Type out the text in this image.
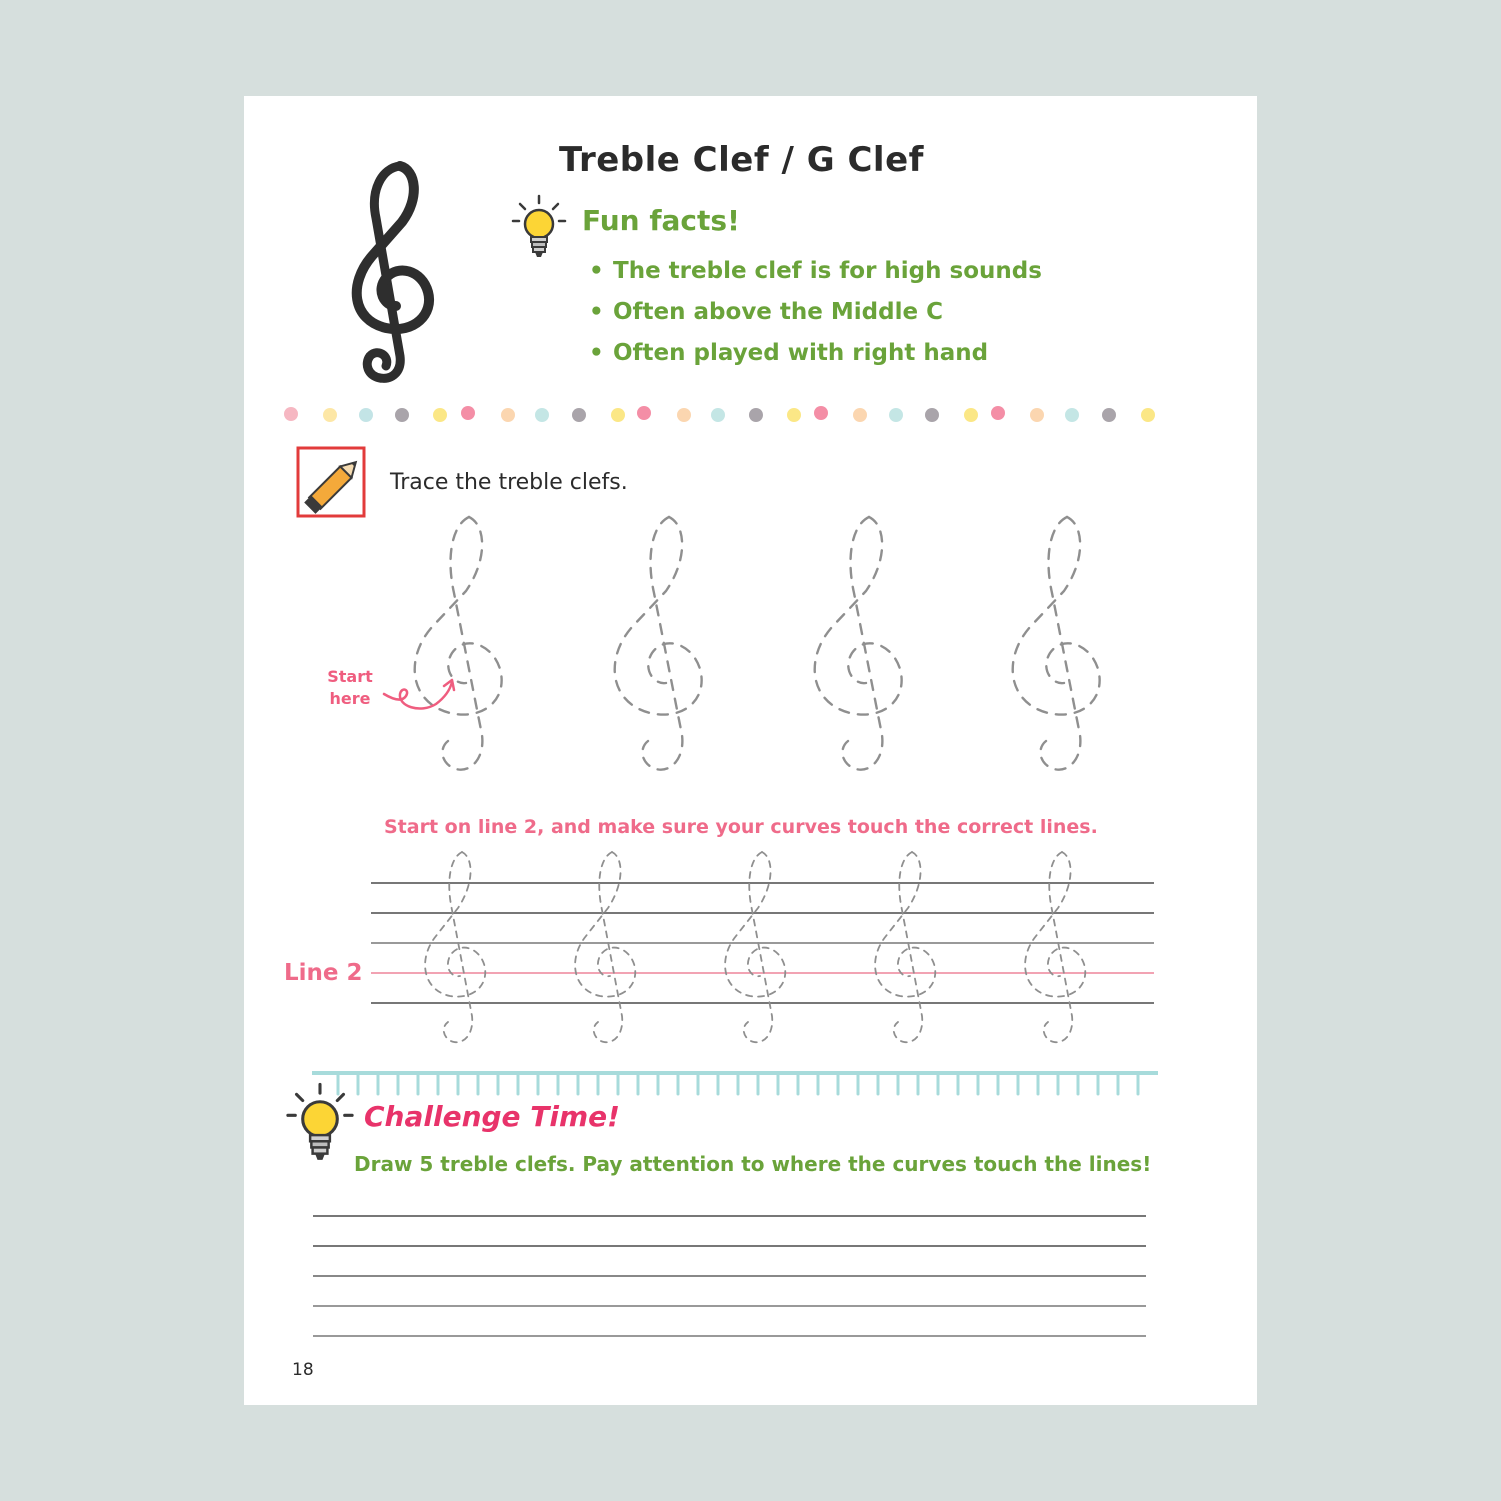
Treble Clef / G Clef
Fun facts!
• The treble clef is for high sounds
• Often above the Middle C
• Often played with right hand
Trace the treble clefs.
Start
here
Start on line 2, and make sure your curves touch the correct lines.
Line 2
Challenge Time!
Draw 5 treble clefs. Pay attention to where the curves touch the lines!
18
